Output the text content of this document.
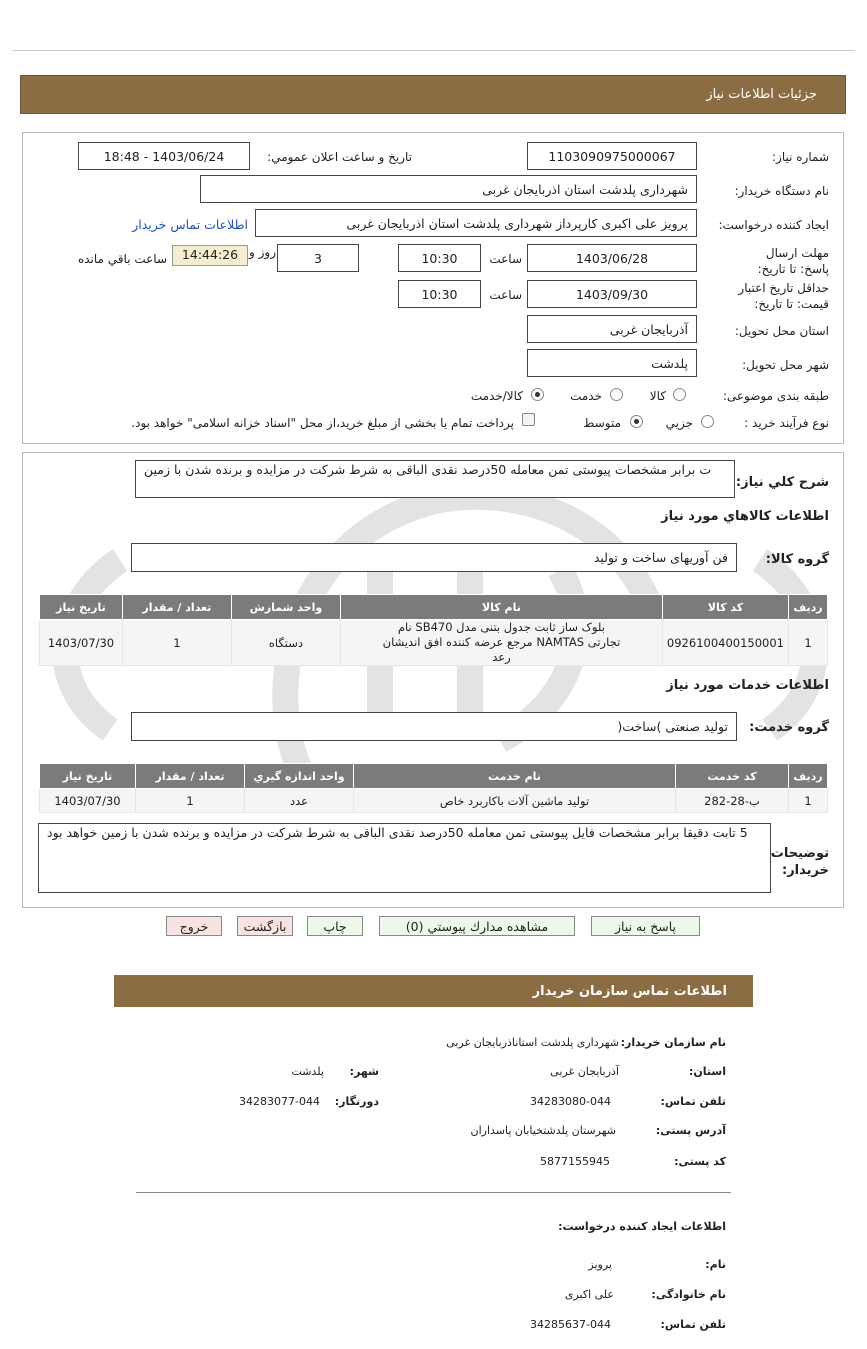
جزئيات اطلاعات نياز
شماره نياز:
1103090975000067
تاريخ و ساعت اعلان عمومي:
1403/06/24 - 18:48
نام دستگاه خريدار:
شهرداری پلدشت استان اذربایجان غربی
ايجاد كننده درخواست:
پرویز علی اکبری کارپرداز شهرداری پلدشت استان اذربایجان غربی
اطلاعات تماس خريدار
مهلت ارسال پاسخ: تا تاريخ:
1403/06/28
ساعت
10:30
3
روز و
14:44:26
ساعت باقي مانده
حداقل تاريخ اعتبار قيمت: تا تاريخ:
1403/09/30
ساعت
10:30
استان محل تحويل:
آذربایجان غربی
شهر محل تحويل:
پلدشت
طبقه بندی موضوعی:
کالا
خدمت
کالا/خدمت
نوع فرآيند خريد :
جزيي
متوسط
پرداخت تمام يا بخشی از مبلغ خريد،از محل "اسناد خزانه اسلامی" خواهد بود.
شرح كلي نياز:
ت برابر مشخصات پیوستی تمن معامله 50درصد نقدی الباقی به شرط شرکت در مزایده و برنده شدن با زمین
اطلاعات كالاهاي مورد نياز
گروه كالا:
فن آوریهای ساخت و تولید
رديف	كد كالا	نام كالا	واحد شمارش	تعداد / مقدار	تاريخ نياز
1	0926100400150001	بلوک ساز ثابت جدول بتنی مدل SB470 نام تجارتی NAMTAS مرجع عرضه کننده افق اندیشان رعد	دستگاه	1	1403/07/30
اطلاعات خدمات مورد نياز
گروه خدمت:
تولید صنعتی )ساخت(
رديف	كد خدمت	نام خدمت	واحد اندازه گيري	تعداد / مقدار	تاريخ نياز
1	ب-28-282	تولید ماشین آلات باکاربرد خاص	عدد	1	1403/07/30
توضيحات خريدار:
5 تابت دقیقا برابر مشخصات فایل پیوستی تمن معامله 50درصد نقدی الباقی به شرط شرکت در مزایده و برنده شدن با زمین خواهد بود
پاسخ به نياز
مشاهده مدارك پيوستي (0)
چاپ
بازگشت
خروج
اطلاعات تماس سازمان خريدار
نام سازمان خريدار:
شهرداری پلدشت استاناذربایجان غربی
استان:
آذربایجان غربی
شهر:
پلدشت
تلفن تماس:
34283080-044
دورنگار:
34283077-044
آدرس پستی:
شهرستان پلدشتخیابان پاسداران
كد پستی:
5877155945
اطلاعات ايجاد كننده درخواست:
نام:
پرویز
نام خانوادگی:
علی اکبری
تلفن تماس:
34285637-044
